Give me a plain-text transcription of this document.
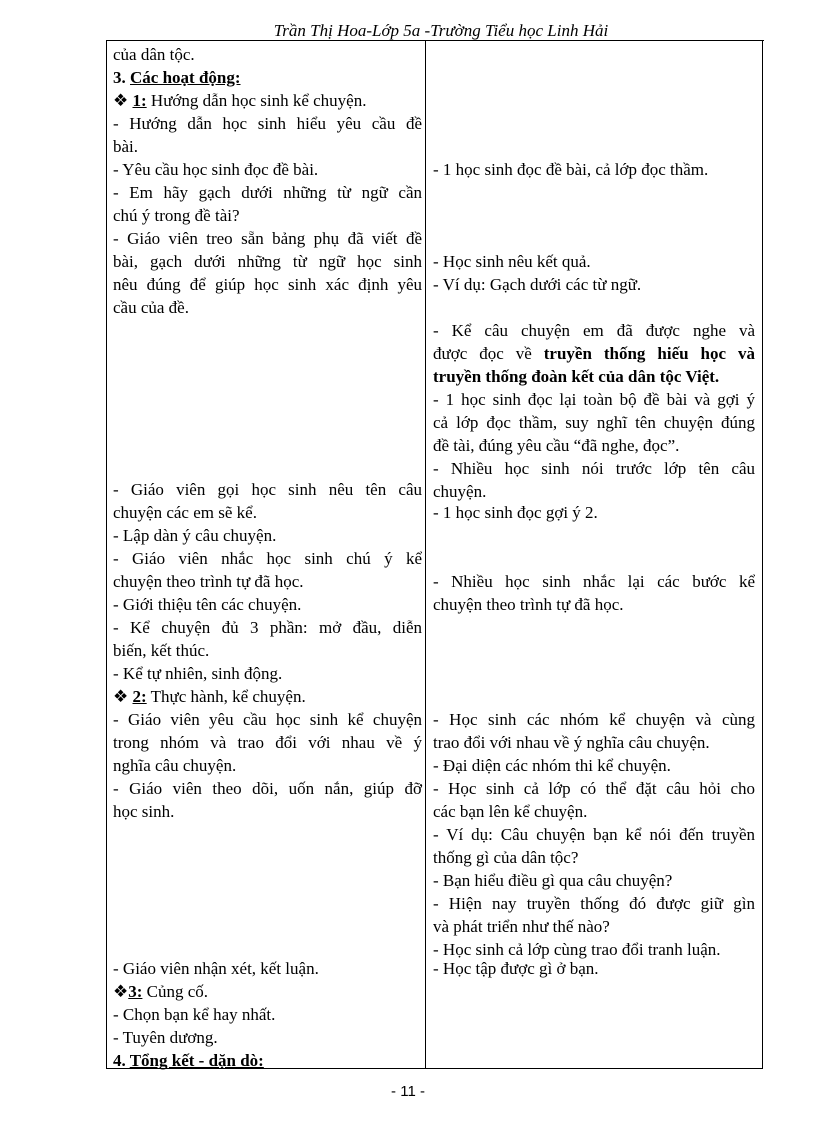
Trần Thị Hoa-Lớp 5a -Trường Tiểu học Linh Hải
của dân tộc.
3. Các hoạt động:
❖ 1: Hướng dẫn học sinh kể chuyện.
- Hướng dẫn học sinh hiểu yêu cầu đề
bài.
- Yêu cầu học sinh đọc đề bài.
- Em hãy gạch dưới những từ ngữ cần
chú ý trong đề tài?
- Giáo viên treo sẵn bảng phụ đã viết đề
bài, gạch dưới những từ ngữ học sinh
nêu đúng để giúp học sinh xác định yêu
cầu của đề.
- Giáo viên gọi học sinh nêu tên câu
chuyện các em sẽ kể.
- Lập dàn ý câu chuyện.
- Giáo viên nhắc học sinh chú ý kể
chuyện theo trình tự đã học.
- Giới thiệu tên các chuyện.
- Kể chuyện đủ 3 phần: mở đầu, diễn
biến, kết thúc.
- Kể tự nhiên, sinh động.
❖ 2: Thực hành, kể chuyện.
- Giáo viên yêu cầu học sinh kể chuyện
trong nhóm và trao đổi với nhau về ý
nghĩa câu chuyện.
- Giáo viên theo dõi, uốn nắn, giúp đỡ
học sinh.
- Giáo viên nhận xét, kết luận.
❖3: Củng cố.
- Chọn bạn kể hay nhất.
- Tuyên dương.
4. Tổng kết - dặn dò:
- 1 học sinh đọc đề bài, cả lớp đọc thầm.
- Học sinh nêu kết quả.
- Ví dụ: Gạch dưới các từ ngữ.
- Kể câu chuyện em đã được nghe và
được đọc về truyền thống hiếu học và
truyền thống đoàn kết của dân tộc Việt.
- 1 học sinh đọc lại toàn bộ đề bài và gợi ý
cả lớp đọc thầm, suy nghĩ tên chuyện đúng
đề tài, đúng yêu cầu “đã nghe, đọc”.
- Nhiều học sinh nói trước lớp tên câu
chuyện.
- 1 học sinh đọc gợi ý 2.
- Nhiều học sinh nhắc lại các bước kể
chuyện theo trình tự đã học.
- Học sinh các nhóm kể chuyện và cùng
trao đổi với nhau về ý nghĩa câu chuyện.
- Đại diện các nhóm thi kể chuyện.
- Học sinh cả lớp có thể đặt câu hỏi cho
các bạn lên kể chuyện.
- Ví dụ: Câu chuyện bạn kể nói đến truyền
thống gì của dân tộc?
- Bạn hiểu điều gì qua câu chuyện?
- Hiện nay truyền thống đó được giữ gìn
và phát triển như thế nào?
- Học sinh cả lớp cùng trao đổi tranh luận.
- Học tập được gì ở bạn.
- 11 -
